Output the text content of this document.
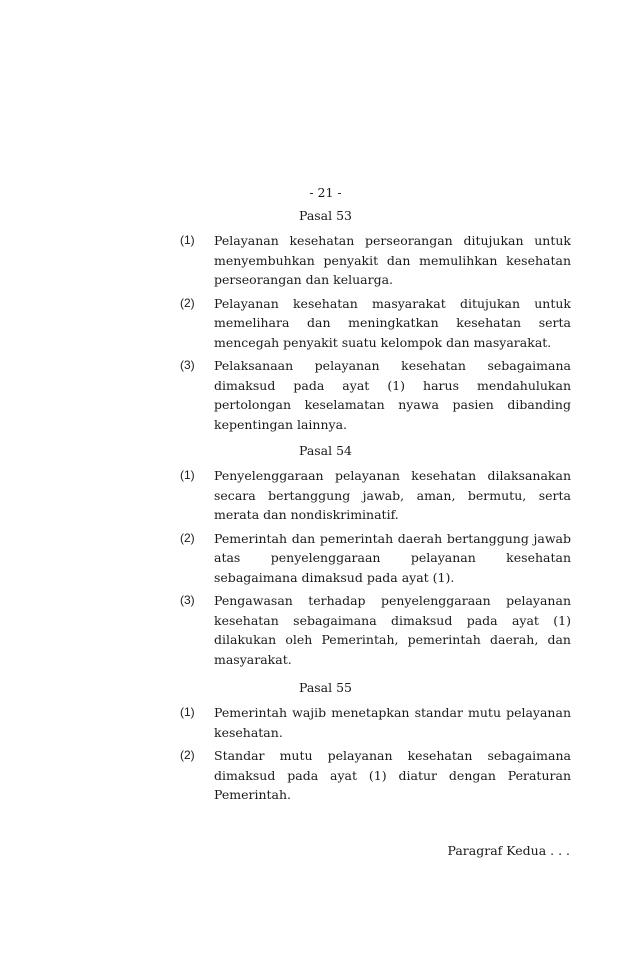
- 21 -
Pasal 53
(1)	Pelayanan kesehatan perseorangan ditujukan untuk menyembuhkan penyakit dan memulihkan kesehatan perseorangan dan keluarga.
(2)	Pelayanan kesehatan masyarakat ditujukan untuk memelihara dan meningkatkan kesehatan serta mencegah penyakit suatu kelompok dan masyarakat.
(3)	Pelaksanaan pelayanan kesehatan sebagaimana dimaksud pada ayat (1) harus mendahulukan pertolongan keselamatan nyawa pasien dibanding kepentingan lainnya.
Pasal 54
(1)	Penyelenggaraan pelayanan kesehatan dilaksanakan secara bertanggung jawab, aman, bermutu, serta merata dan nondiskriminatif.
(2)	Pemerintah dan pemerintah daerah bertanggung jawab atas penyelenggaraan pelayanan kesehatan sebagaimana dimaksud pada ayat (1).
(3)	Pengawasan terhadap penyelenggaraan pelayanan kesehatan sebagaimana dimaksud pada ayat (1) dilakukan oleh Pemerintah, pemerintah daerah, dan masyarakat.
Pasal 55
(1)	Pemerintah wajib menetapkan standar mutu pelayanan kesehatan.
(2)	Standar mutu pelayanan kesehatan sebagaimana dimaksud pada ayat (1) diatur dengan Peraturan Pemerintah.
Paragraf Kedua . . .
